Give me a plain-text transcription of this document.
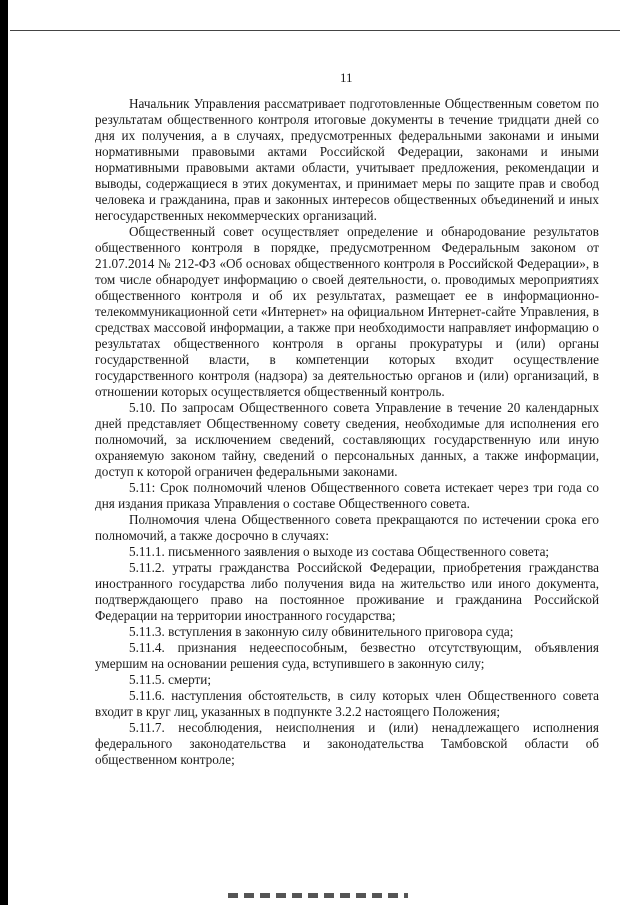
11

Начальник Управления рассматривает подготовленные Общественным советом по результатам общественного контроля итоговые документы в течение тридцати дней со дня их получения, а в случаях, предусмотренных федеральными законами и иными нормативными правовыми актами Российской Федерации, законами и иными нормативными правовыми актами области, учитывает предложения, рекомендации и выводы, содержащиеся в этих документах, и принимает меры по защите прав и свобод человека и гражданина, прав и законных интересов общественных объединений и иных негосударственных некоммерческих организаций.

Общественный совет осуществляет определение и обнародование результатов общественного контроля в порядке, предусмотренном Федеральным законом от 21.07.2014 № 212-ФЗ «Об основах общественного контроля в Российской Федерации», в том числе обнародует информацию о своей деятельности, о. проводимых мероприятиях общественного контроля и об их результатах, размещает ее в информационно-телекоммуникационной сети «Интернет» на официальном Интернет-сайте Управления, в средствах массовой информации, а также при необходимости направляет информацию о результатах общественного контроля в органы прокуратуры и (или) органы государственной власти, в компетенции которых входит осуществление государственного контроля (надзора) за деятельностью органов и (или) организаций, в отношении которых осуществляется общественный контроль.

5.10. По запросам Общественного совета Управление в течение 20 календарных дней представляет Общественному совету сведения, необходимые для исполнения его полномочий, за исключением сведений, составляющих государственную или иную охраняемую законом тайну, сведений о персональных данных, а также информации, доступ к которой ограничен федеральными законами.

5.11: Срок полномочий членов Общественного совета истекает через три года со дня издания приказа Управления о составе Общественного совета.

Полномочия члена Общественного совета прекращаются по истечении срока его полномочий, а также досрочно в случаях:

5.11.1. письменного заявления о выходе из состава Общественного совета;

5.11.2. утраты гражданства Российской Федерации, приобретения гражданства иностранного государства либо получения вида на жительство или иного документа, подтверждающего право на постоянное проживание и гражданина Российской Федерации на территории иностранного государства;

5.11.3. вступления в законную силу обвинительного приговора суда;

5.11.4. признания недееспособным, безвестно отсутствующим, объявления умершим на основании решения суда, вступившего в законную силу;

5.11.5. смерти;

5.11.6. наступления обстоятельств, в силу которых член Общественного совета входит в круг лиц, указанных в подпункте 3.2.2 настоящего Положения;

5.11.7. несоблюдения, неисполнения и (или) ненадлежащего исполнения федерального законодательства и законодательства Тамбовской области об общественном контроле;
